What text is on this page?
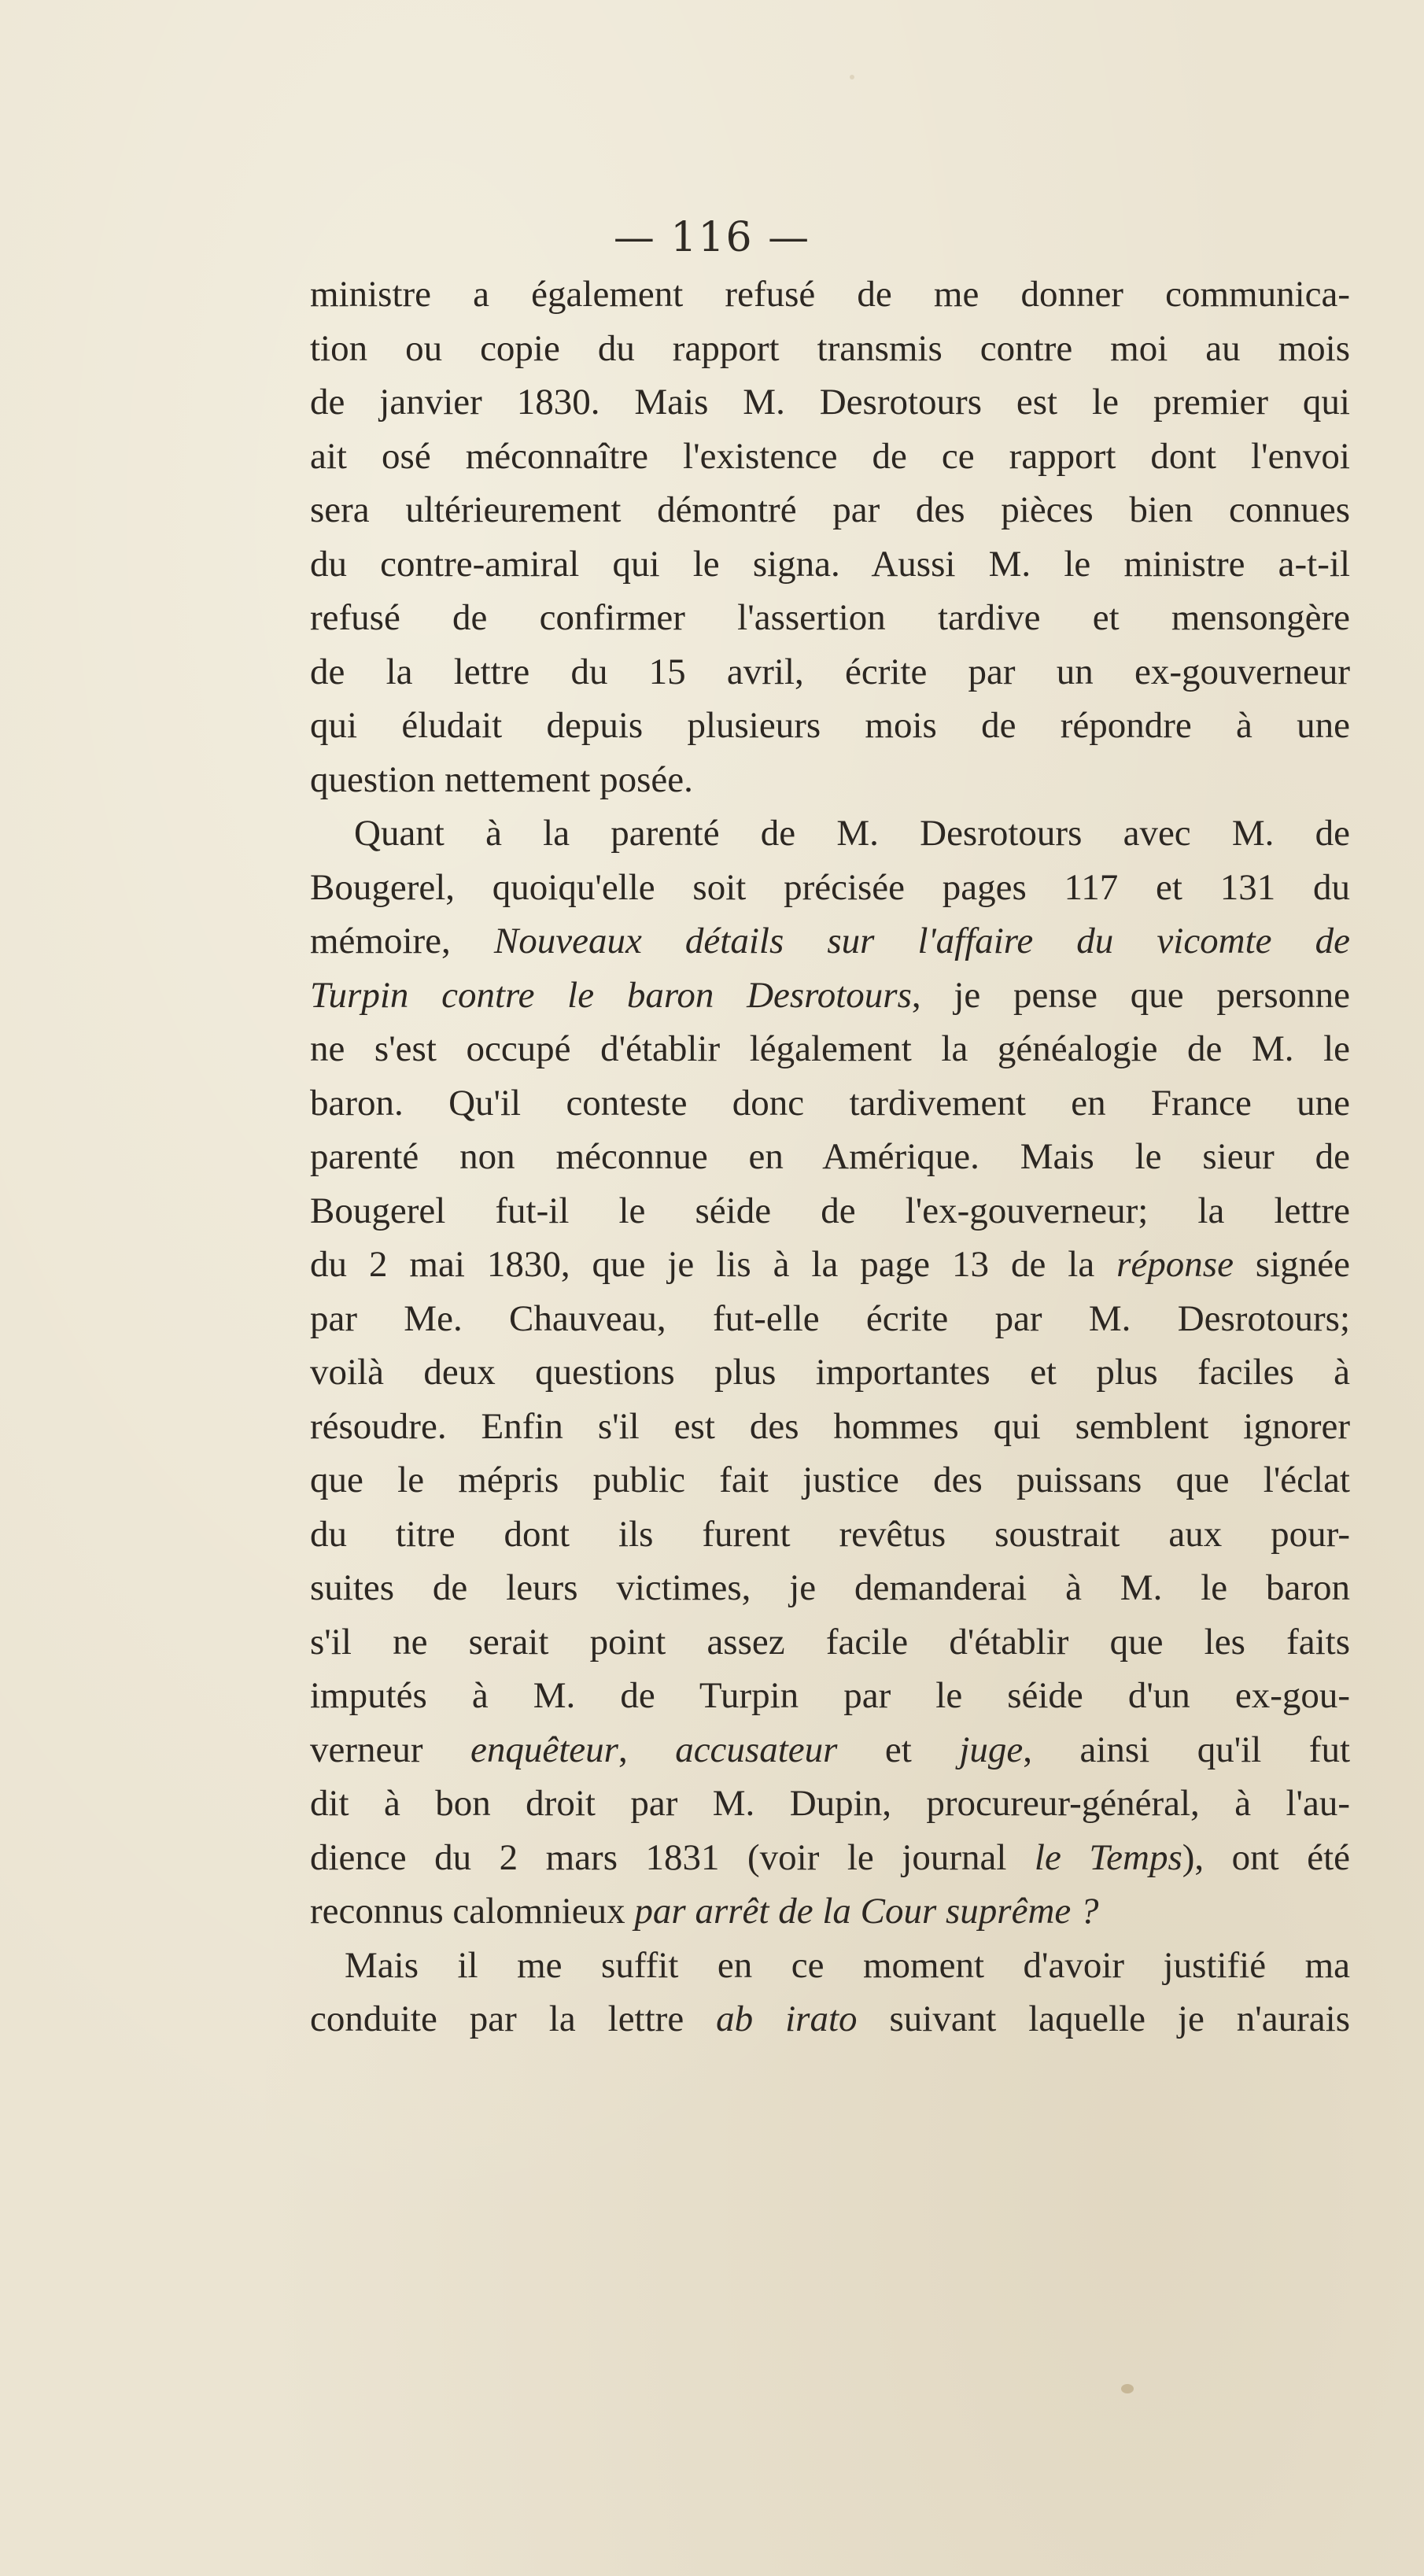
— 116 —
ministre a également refusé de me donner communica-
tion ou copie du rapport transmis contre moi au mois
de janvier 1830. Mais M. Desrotours est le premier qui
ait osé méconnaître l'existence de ce rapport dont l'envoi
sera ultérieurement démontré par des pièces bien connues
du contre-amiral qui le signa. Aussi M. le ministre a-t-il
refusé de confirmer l'assertion tardive et mensongère
de la lettre du 15 avril, écrite par un ex-gouverneur
qui éludait depuis plusieurs mois de répondre à une
question nettement posée.
Quant à la parenté de M. Desrotours avec M. de
Bougerel, quoiqu'elle soit précisée pages 117 et 131 du
mémoire, Nouveaux détails sur l'affaire du vicomte de
Turpin contre le baron Desrotours, je pense que personne
ne s'est occupé d'établir légalement la généalogie de M. le
baron. Qu'il conteste donc tardivement en France une
parenté non méconnue en Amérique. Mais le sieur de
Bougerel fut-il le séide de l'ex-gouverneur; la lettre
du 2 mai 1830, que je lis à la page 13 de la réponse signée
par Me. Chauveau, fut-elle écrite par M. Desrotours;
voilà deux questions plus importantes et plus faciles à
résoudre. Enfin s'il est des hommes qui semblent ignorer
que le mépris public fait justice des puissans que l'éclat
du titre dont ils furent revêtus soustrait aux pour-
suites de leurs victimes, je demanderai à M. le baron
s'il ne serait point assez facile d'établir que les faits
imputés à M. de Turpin par le séide d'un ex-gou-
verneur enquêteur, accusateur et juge, ainsi qu'il fut
dit à bon droit par M. Dupin, procureur-général, à l'au-
dience du 2 mars 1831 (voir le journal le Temps), ont été
reconnus calomnieux par arrêt de la Cour suprême ?
Mais il me suffit en ce moment d'avoir justifié ma
conduite par la lettre ab irato suivant laquelle je n'aurais
